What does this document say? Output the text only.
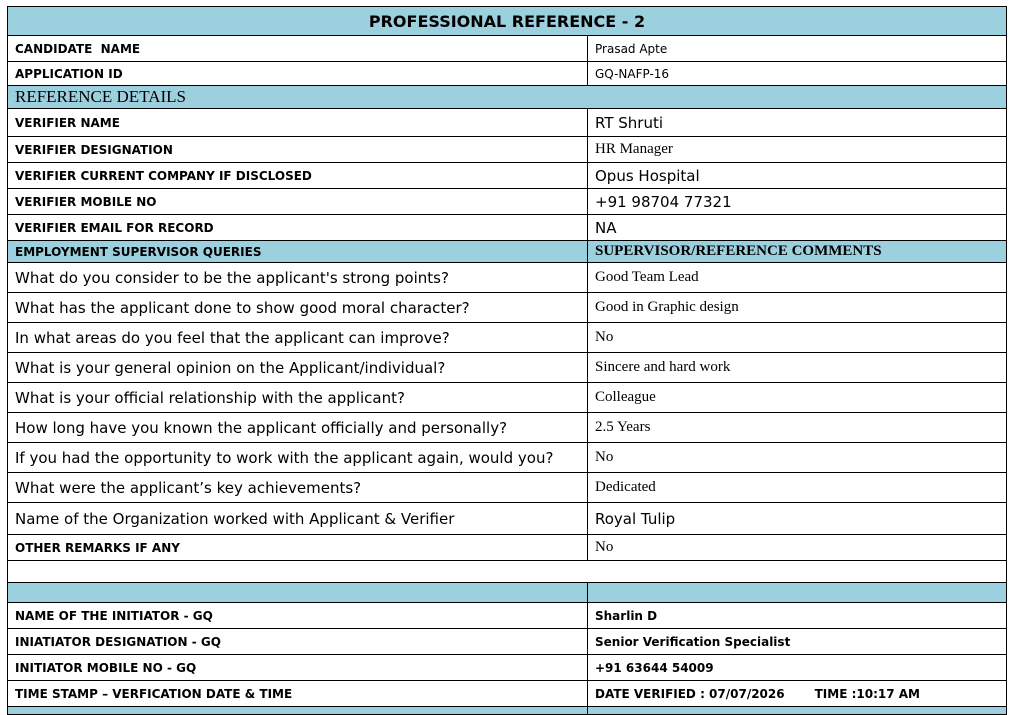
PROFESSIONAL REFERENCE - 2	
CANDIDATE  NAME	Prasad Apte
APPLICATION ID	GQ-NAFP-16
REFERENCE DETAILS	
VERIFIER NAME	RT Shruti
VERIFIER DESIGNATION	HR Manager
VERIFIER CURRENT COMPANY IF DISCLOSED	Opus Hospital
VERIFIER MOBILE NO	+91 98704 77321
VERIFIER EMAIL FOR RECORD	NA
EMPLOYMENT SUPERVISOR QUERIES	SUPERVISOR/REFERENCE COMMENTS
What do you consider to be the applicant's strong points?	Good Team Lead
What has the applicant done to show good moral character?	Good in Graphic design
In what areas do you feel that the applicant can improve?	No
What is your general opinion on the Applicant/individual?	Sincere and hard work
What is your official relationship with the applicant?	Colleague
How long have you known the applicant officially and personally?	2.5 Years
If you had the opportunity to work with the applicant again, would you?	No
What were the applicant’s key achievements?	Dedicated
Name of the Organization worked with Applicant & Verifier	Royal Tulip
OTHER REMARKS IF ANY	No

NAME OF THE INITIATOR - GQ	Sharlin D
INIATIATOR DESIGNATION - GQ	Senior Verification Specialist
INITIATOR MOBILE NO - GQ	+91 63644 54009
TIME STAMP – VERFICATION DATE & TIME	DATE VERIFIED : 07/07/2026 TIME :10:17 AM
